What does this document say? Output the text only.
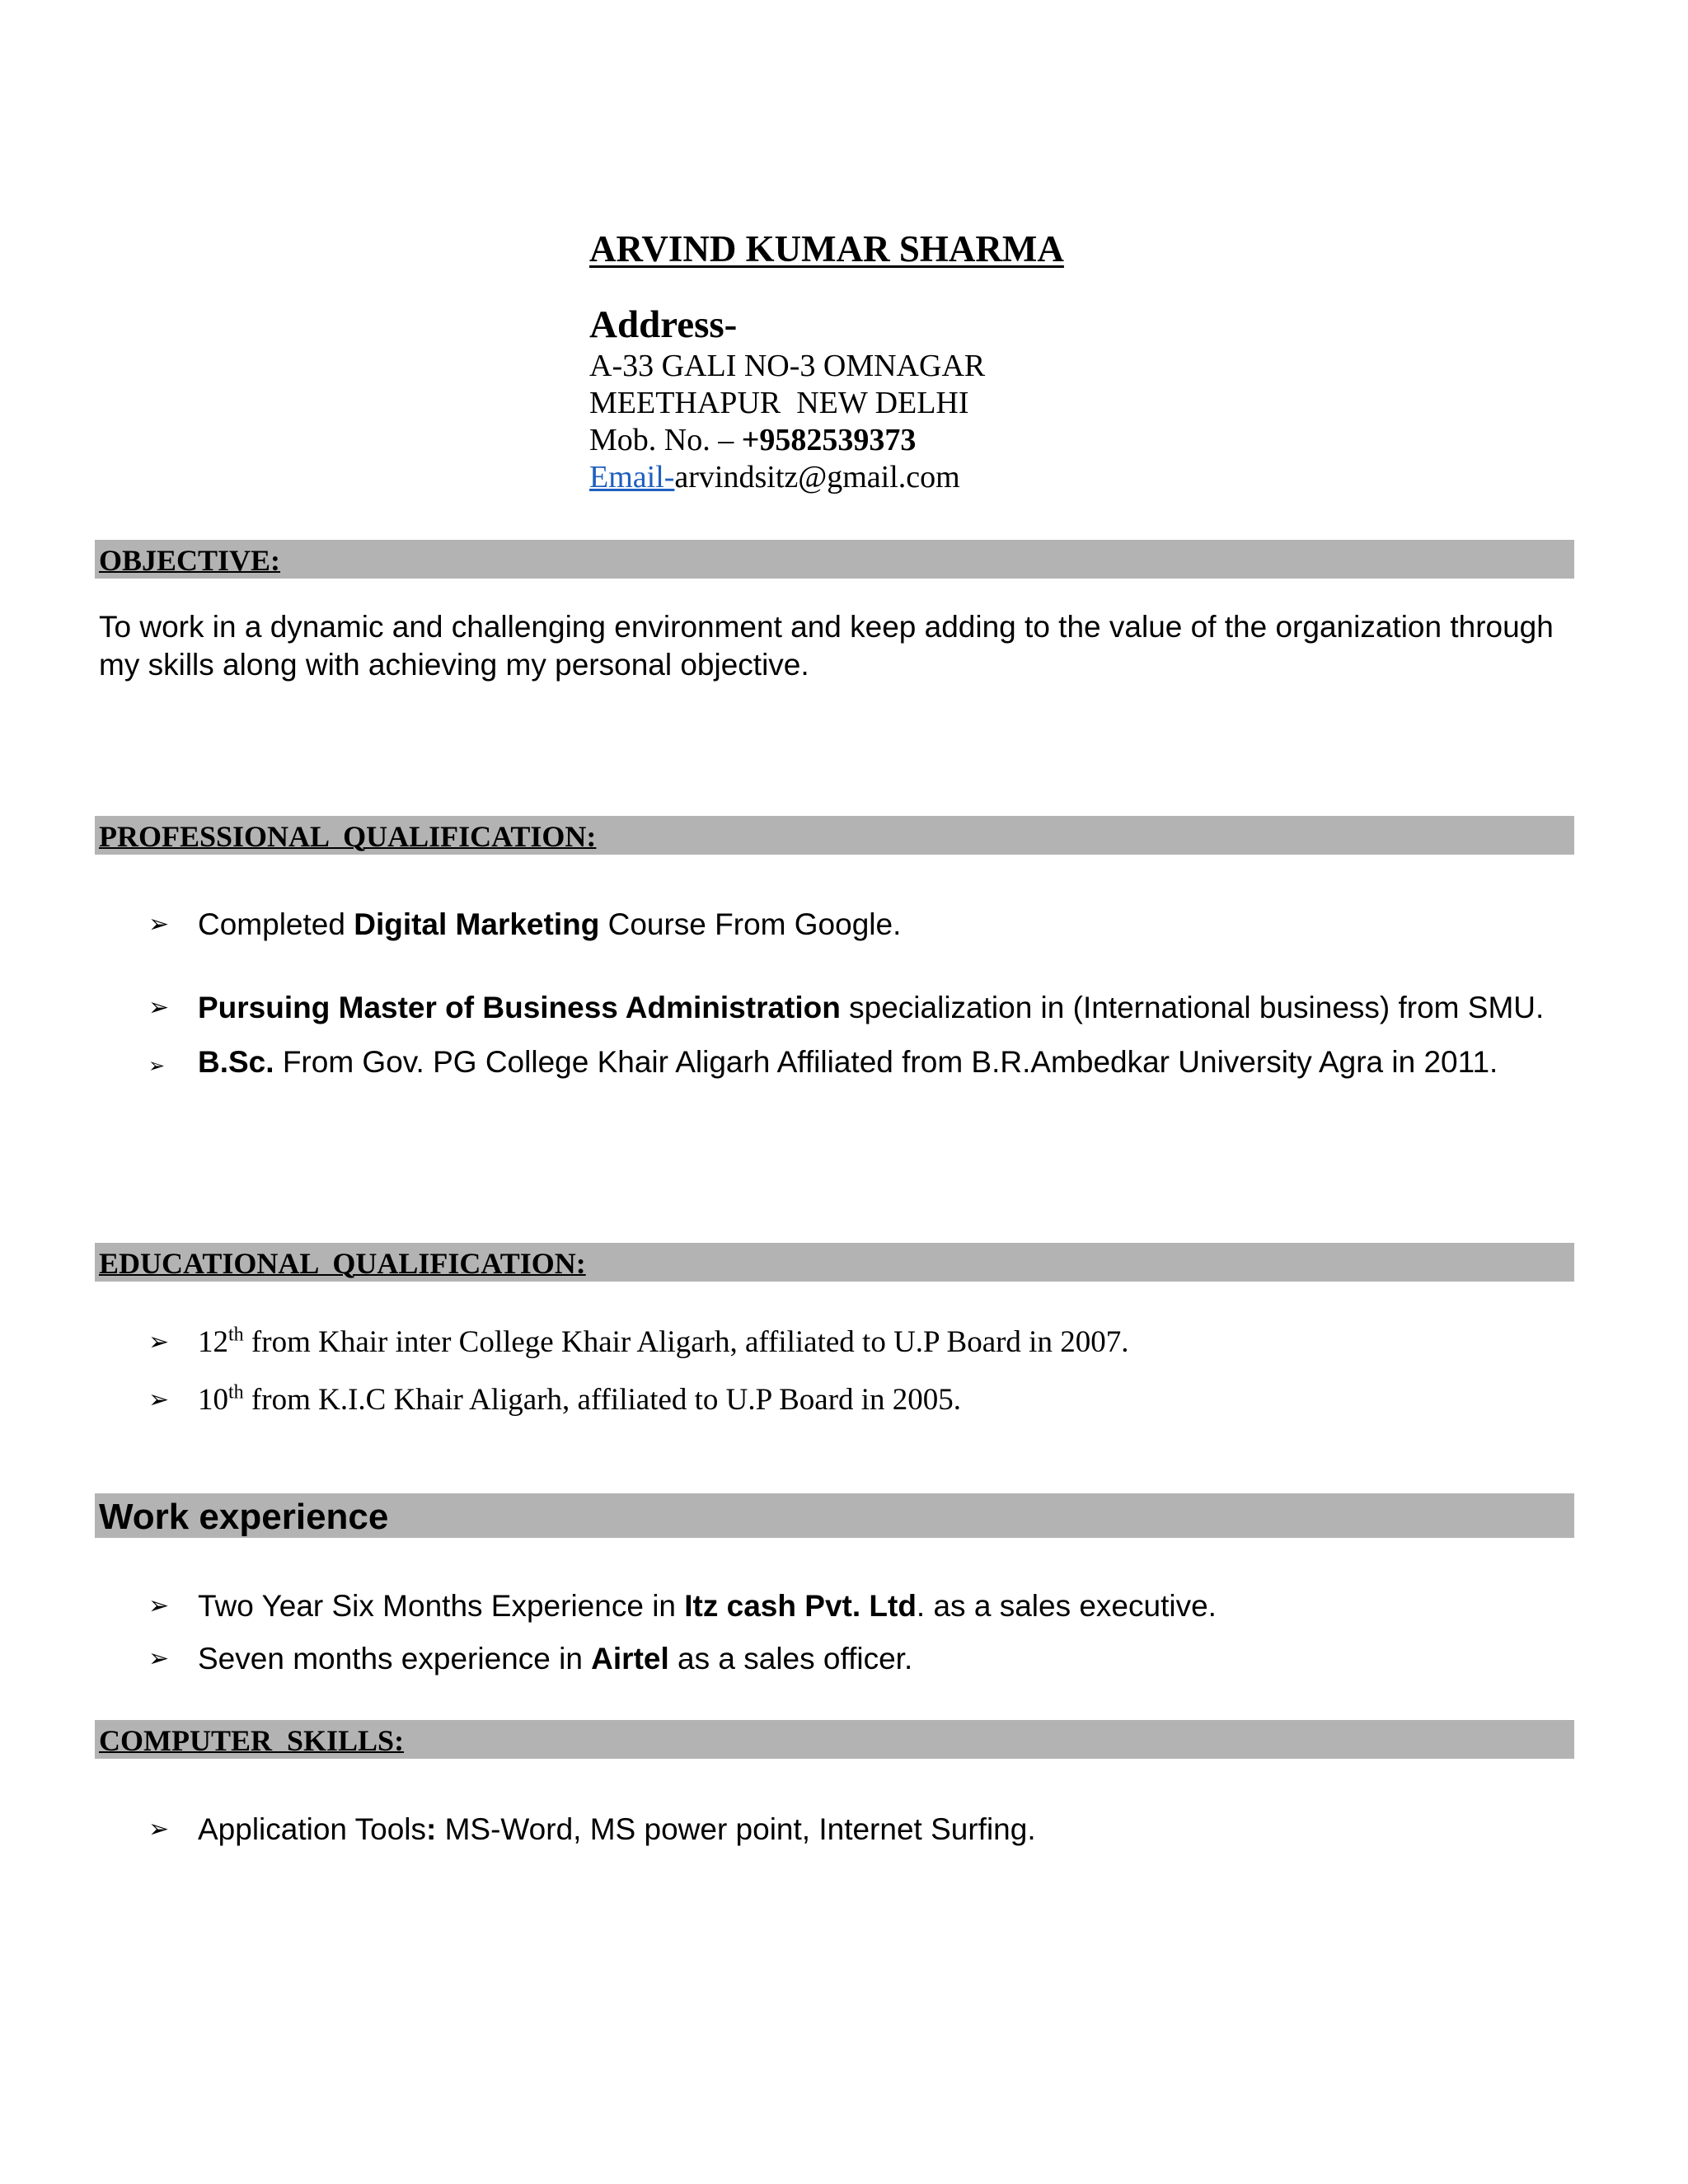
ARVIND KUMAR SHARMA
Address-
A-33 GALI NO-3 OMNAGAR
MEETHAPUR  NEW DELHI
Mob. No. – +9582539373
Email-arvindsitz@gmail.com
OBJECTIVE:

To work in a dynamic and challenging environment and keep adding to the value of the organization through my skills along with achieving my personal objective.

PROFESSIONAL  QUALIFICATION:
➢ Completed Digital Marketing Course From Google.
➢ Pursuing Master of Business Administration specialization in (International business) from SMU.
➢ B.Sc. From Gov. PG College Khair Aligarh Affiliated from B.R.Ambedkar University Agra in 2011.
EDUCATIONAL  QUALIFICATION:
➢ 12th from Khair inter College Khair Aligarh, affiliated to U.P Board in 2007.
➢ 10th from K.I.C Khair Aligarh, affiliated to U.P Board in 2005.
Work experience
➢ Two Year Six Months Experience in Itz cash Pvt. Ltd. as a sales executive.
➢ Seven months experience in Airtel as a sales officer.
COMPUTER  SKILLS:
➢ Application Tools: MS-Word, MS power point, Internet Surfing.
